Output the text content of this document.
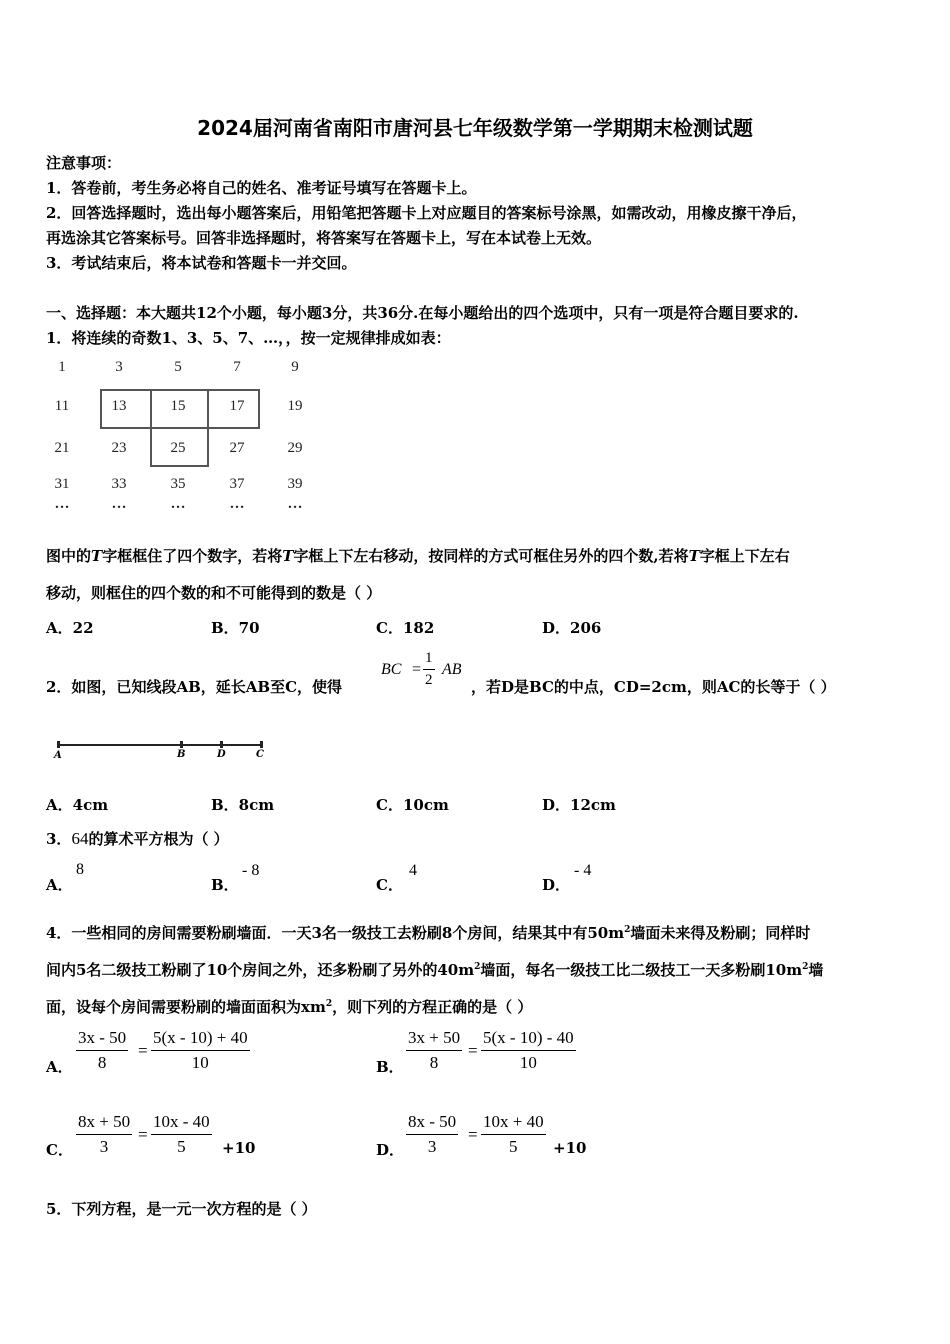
2024届河南省南阳市唐河县七年级数学第一学期期末检测试题
注意事项：
1．答卷前，考生务必将自己的姓名、准考证号填写在答题卡上。
2．回答选择题时，选出每小题答案后，用铅笔把答题卡上对应题目的答案标号涂黑，如需改动，用橡皮擦干净后，
再选涂其它答案标号。回答非选择题时，将答案写在答题卡上，写在本试卷上无效。
3．考试结束后，将本试卷和答题卡一并交回。
一、选择题：本大题共12个小题，每小题3分，共36分.在每小题给出的四个选项中，只有一项是符合题目要求的.
1．将连续的奇数1、3、5、7、…，，按一定规律排成如表：
1	3	5	7	9
11	13	15	17	19
21	23	25	27	29
31	33	35	37	39
…	…	…	…	…
图中的T字框框住了四个数字，若将T字框上下左右移动，按同样的方式可框住另外的四个数,若将T字框上下左右
移动，则框住的四个数的和不可能得到的数是（ ）
A．22	B．70	C．182	D．206
2．如图，已知线段AB，延长AB至C，使得
BC = $\frac{1}{2}$ AB
，若D是BC的中点，CD=2cm，则AC的长等于（ ）
A	B	D	C
A．4cm	B．8cm	C．10cm	D．12cm
3．64的算术平方根为（ ）
A．
8
B．
- 8
C．
4
D．
- 4
4．一些相同的房间需要粉刷墙面．一天3名一级技工去粉刷8个房间，结果其中有$50m^2$墙面未来得及粉刷；同样时
间内5名二级技工粉刷了10个房间之外，还多粉刷了另外的$40m^2$墙面，每名一级技工比二级技工一天多粉刷$10m^2$墙
面，设每个房间需要粉刷的墙面面积为$xm^2$，则下列的方程正确的是（ ）
A． $\frac{3x - 50}{8} = \frac{5(x - 10) + 40}{10}$	B． $\frac{3x + 50}{8} = \frac{5(x - 10) - 40}{10}$
C． $\frac{8x + 50}{3} = \frac{10x - 40}{5} +10$	D． $\frac{8x - 50}{3} = \frac{10x + 40}{5} +10$
5．下列方程，是一元一次方程的是（ ）
